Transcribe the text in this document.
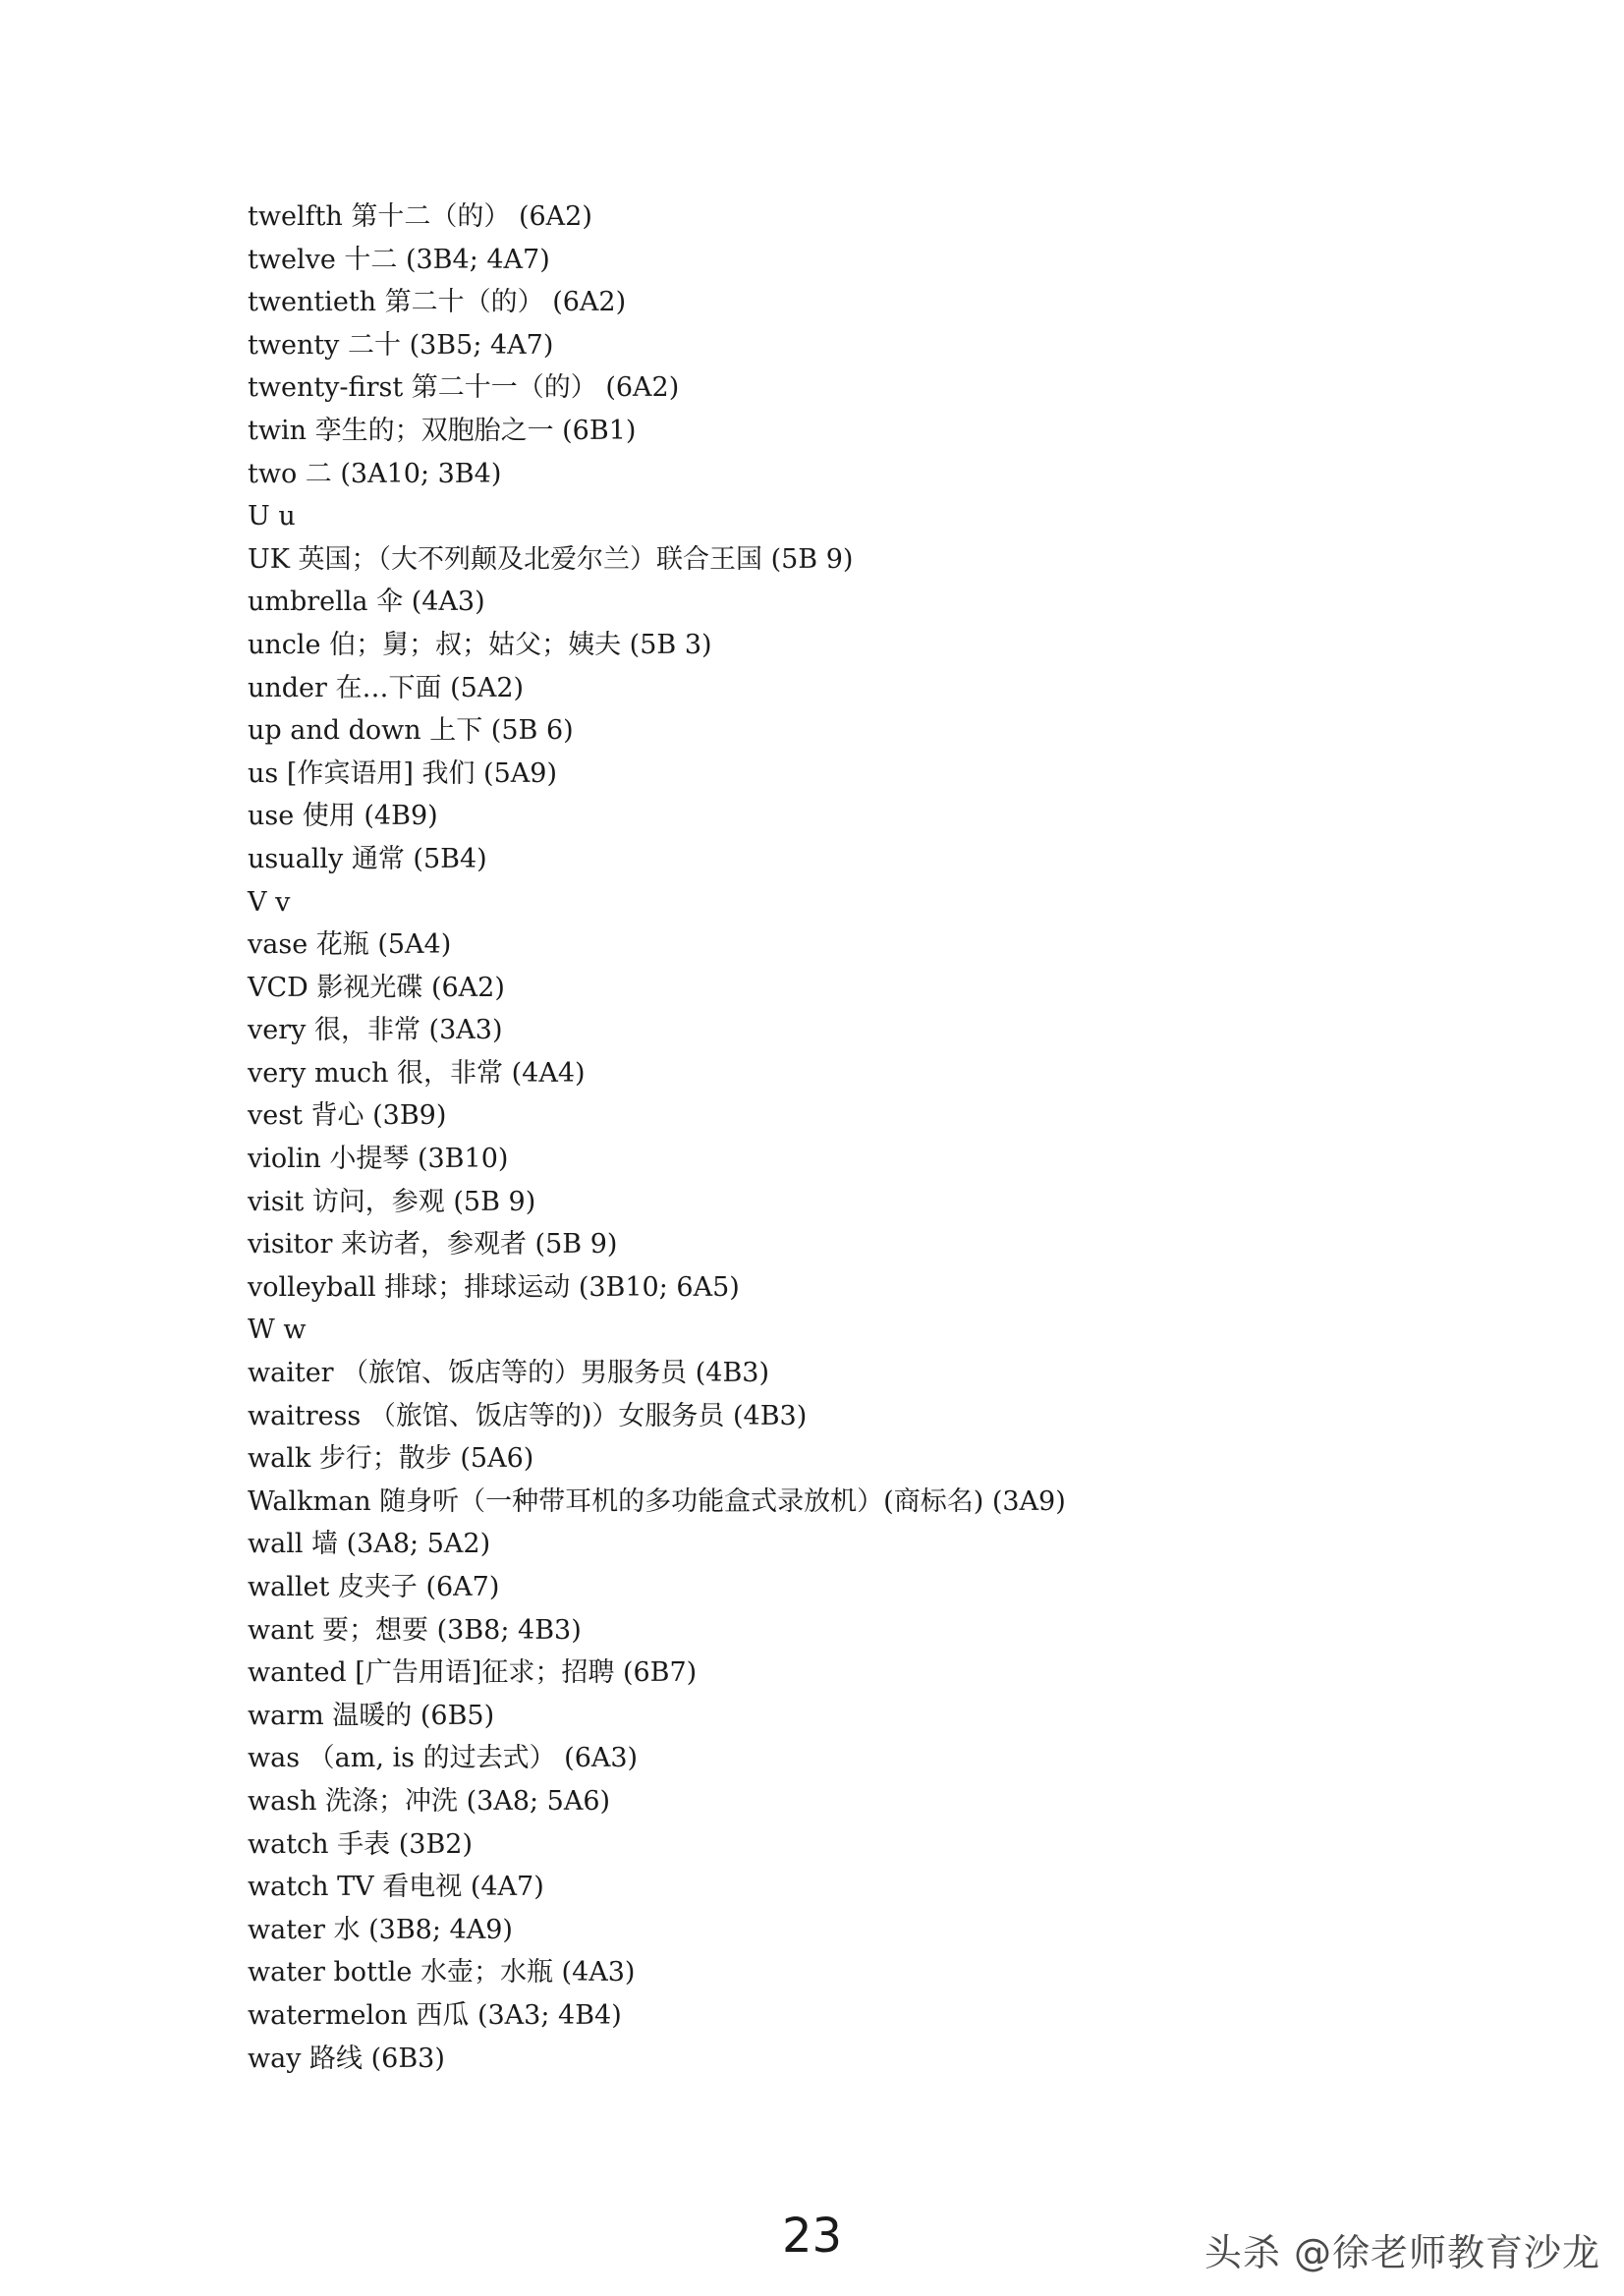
twelfth 第十二（的） (6A2)
twelve 十二 (3B4; 4A7)
twentieth 第二十（的） (6A2)
twenty 二十 (3B5; 4A7)
twenty-first 第二十一（的） (6A2)
twin 孪生的；双胞胎之一 (6B1)
two 二 (3A10; 3B4)
U u
UK 英国；（大不列颠及北爱尔兰）联合王国 (5B 9)
umbrella 伞 (4A3)
uncle 伯；舅；叔；姑父；姨夫 (5B 3)
under 在…下面 (5A2)
up and down 上下 (5B 6)
us [作宾语用] 我们 (5A9)
use 使用 (4B9)
usually 通常 (5B4)
V v
vase 花瓶 (5A4)
VCD 影视光碟 (6A2)
very 很，非常 (3A3)
very much 很，非常 (4A4)
vest 背心 (3B9)
violin 小提琴 (3B10)
visit 访问，参观 (5B 9)
visitor 来访者，参观者 (5B 9)
volleyball 排球；排球运动 (3B10; 6A5)
W w
waiter （旅馆、饭店等的）男服务员 (4B3)
waitress （旅馆、饭店等的)）女服务员 (4B3)
walk 步行；散步 (5A6)
Walkman 随身听（一种带耳机的多功能盒式录放机）(商标名) (3A9)
wall 墙 (3A8; 5A2)
wallet 皮夹子 (6A7)
want 要；想要 (3B8; 4B3)
wanted [广告用语]征求；招聘 (6B7)
warm 温暖的 (6B5)
was （am, is 的过去式） (6A3)
wash 洗涤；冲洗 (3A8; 5A6)
watch 手表 (3B2)
watch TV 看电视 (4A7)
water 水 (3B8; 4A9)
water bottle 水壶；水瓶 (4A3)
watermelon 西瓜 (3A3; 4B4)
way 路线 (6B3)
23	头杀 @徐老师教育沙龙
